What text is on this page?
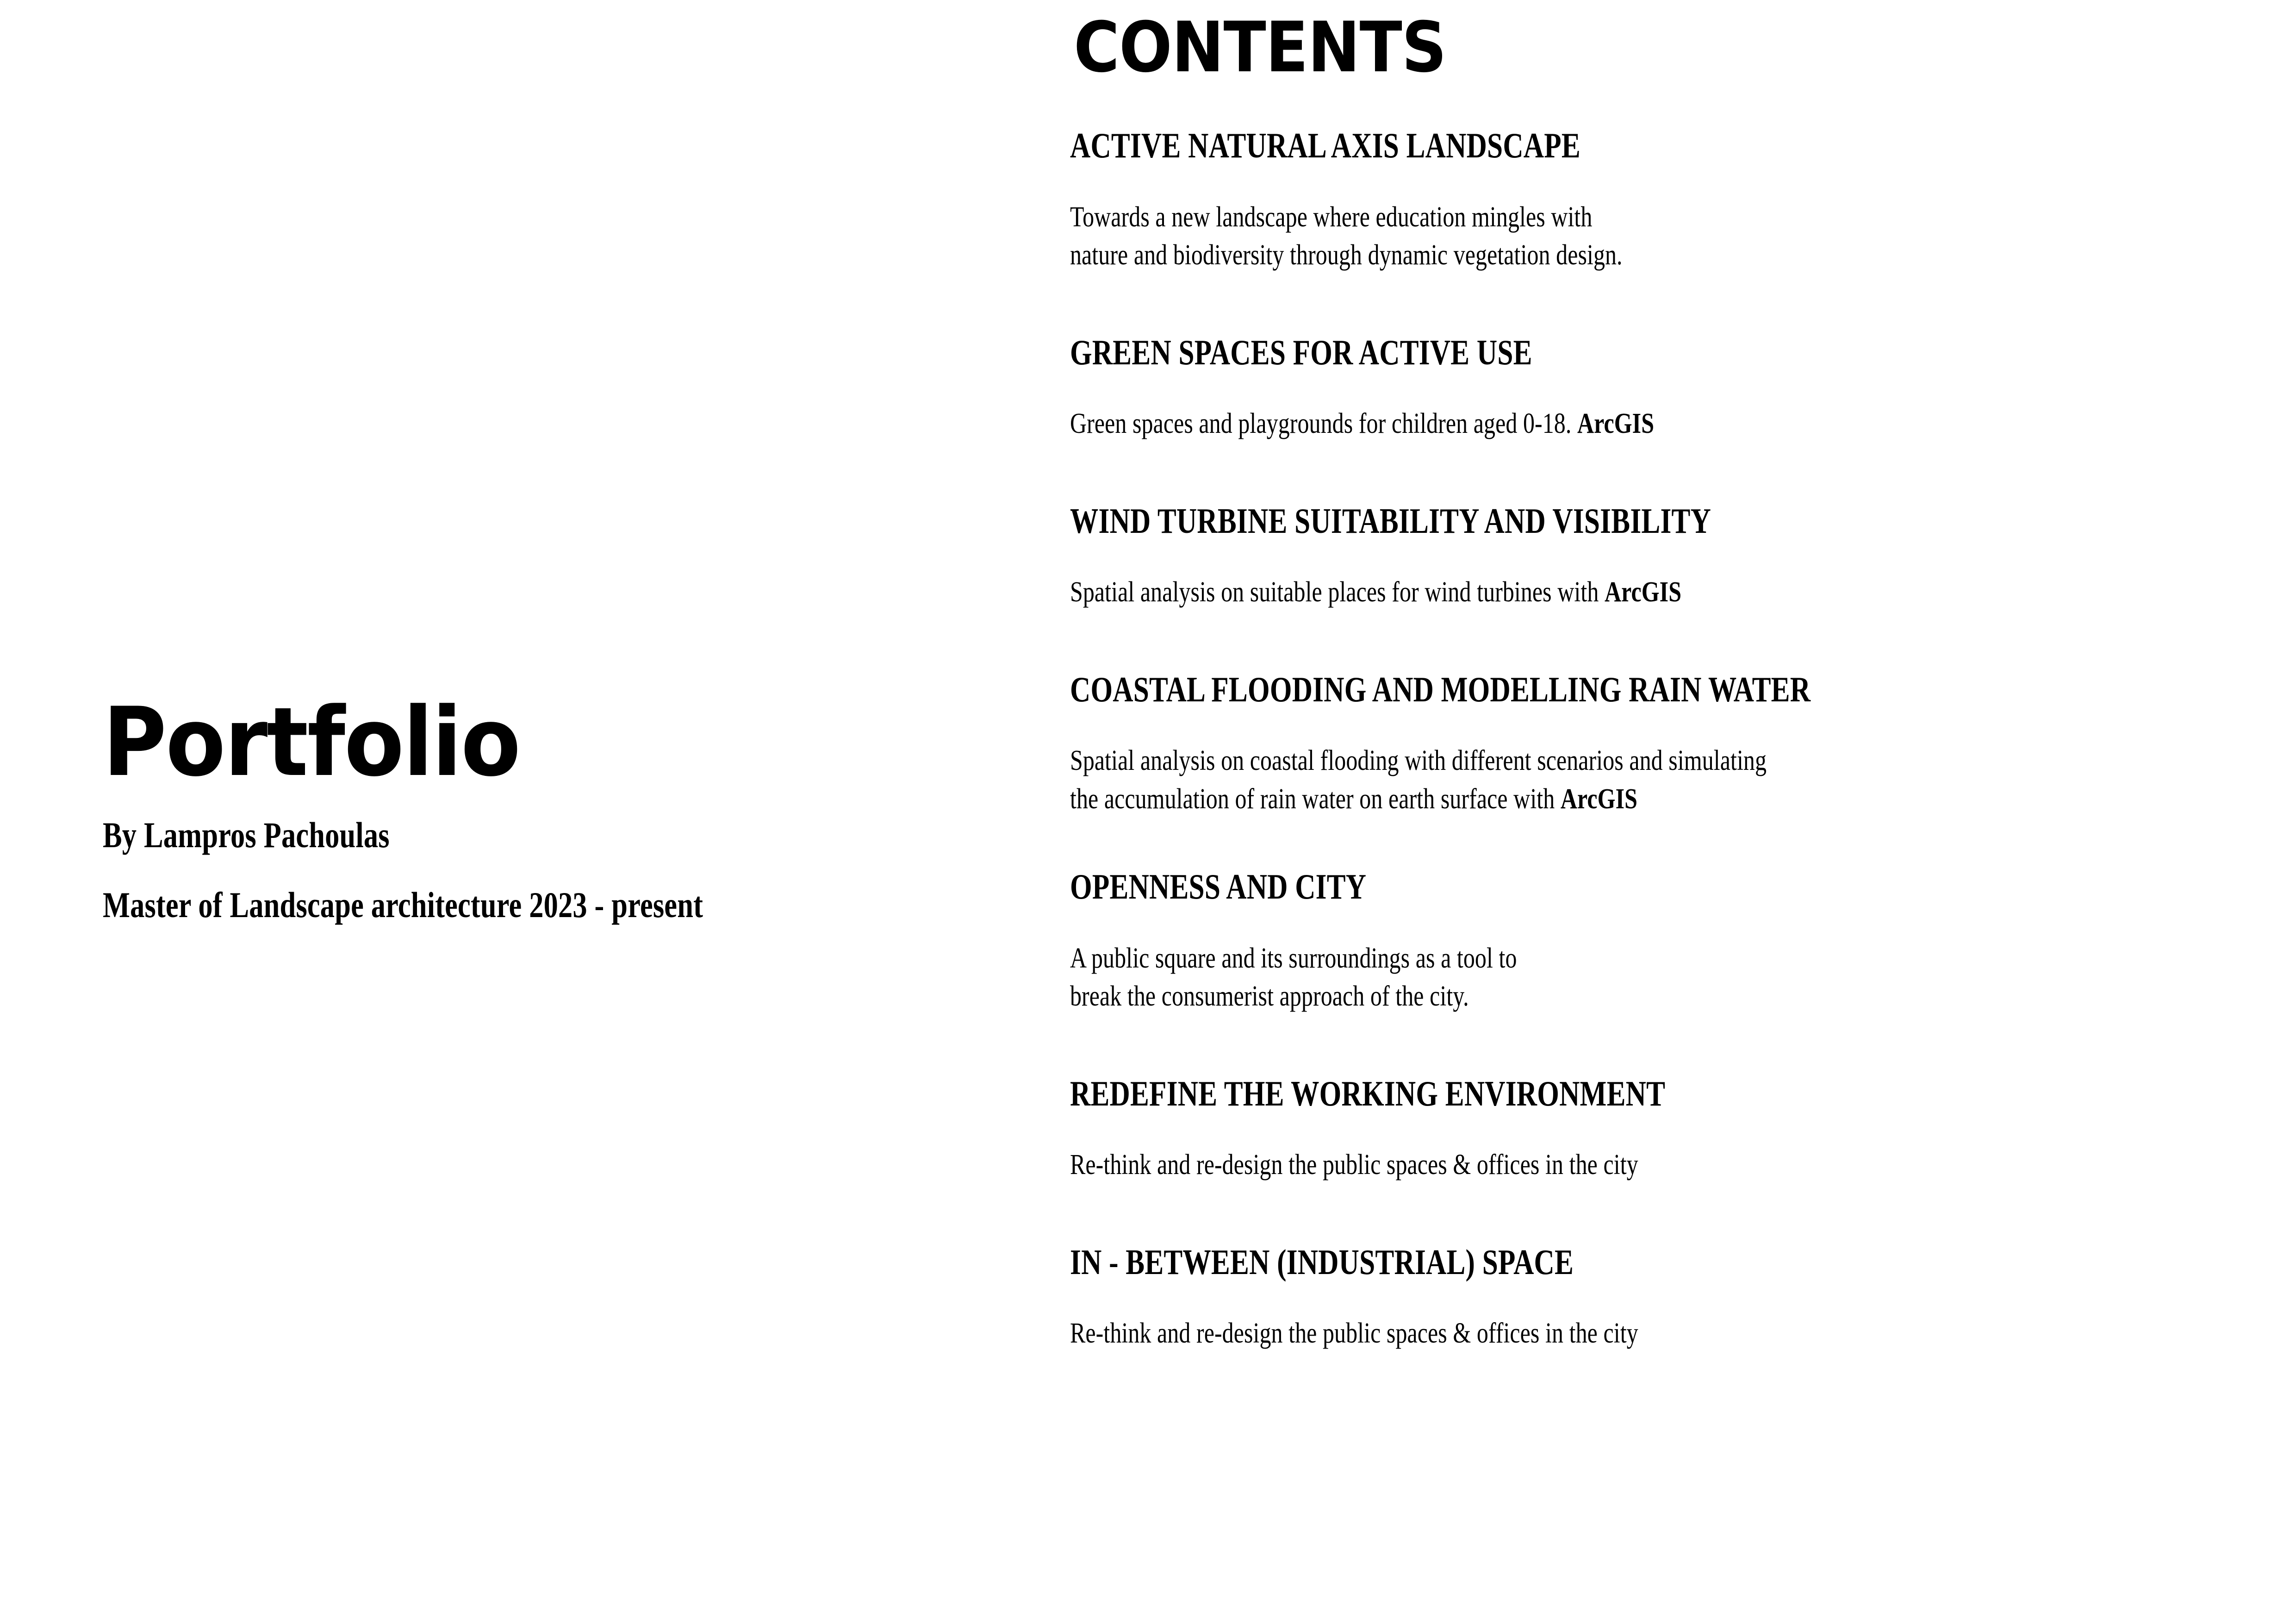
Portfolio

By Lampros Pachoulas

Master of Landscape architecture 2023 - present

CONTENTS
ACTIVE NATURAL AXIS LANDSCAPE

Towards a new landscape where education mingles with

nature and biodiversity through dynamic vegetation design.

GREEN SPACES FOR ACTIVE USE

Green spaces and playgrounds for children aged 0-18. ArcGIS

WIND TURBINE SUITABILITY AND VISIBILITY

Spatial analysis on suitable places for wind turbines with ArcGIS

COASTAL FLOODING AND MODELLING RAIN WATER

Spatial analysis on coastal flooding with different scenarios and simulating

the accumulation of rain water on earth surface with ArcGIS

OPENNESS AND CITY

A public square and its surroundings as a tool to

break the consumerist approach of the city.

REDEFINE THE WORKING ENVIRONMENT

Re-think and re-design the public spaces & offices in the city

IN - BETWEEN (INDUSTRIAL) SPACE

Re-think and re-design the public spaces & offices in the city
